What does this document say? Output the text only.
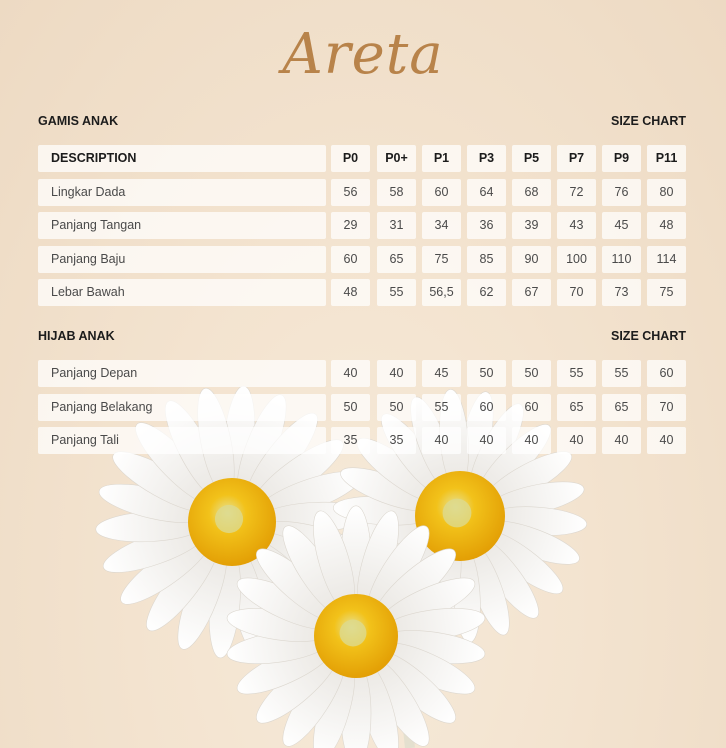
Areta
GAMIS ANAK	SIZE CHART
DESCRIPTION	P0	P0+	P1	P3	P5	P7	P9	P11
Lingkar Dada	56	58	60	64	68	72	76	80
Panjang Tangan	29	31	34	36	39	43	45	48
Panjang Baju	60	65	75	85	90	100	110	114
Lebar Bawah	48	55	56,5	62	67	70	73	75
HIJAB ANAK	SIZE CHART
Panjang Depan	40	40	45	50	50	55	55	60
Panjang Belakang	50	50	55	60	60	65	65	70
Panjang Tali	35	35	40	40	40	40	40	40
